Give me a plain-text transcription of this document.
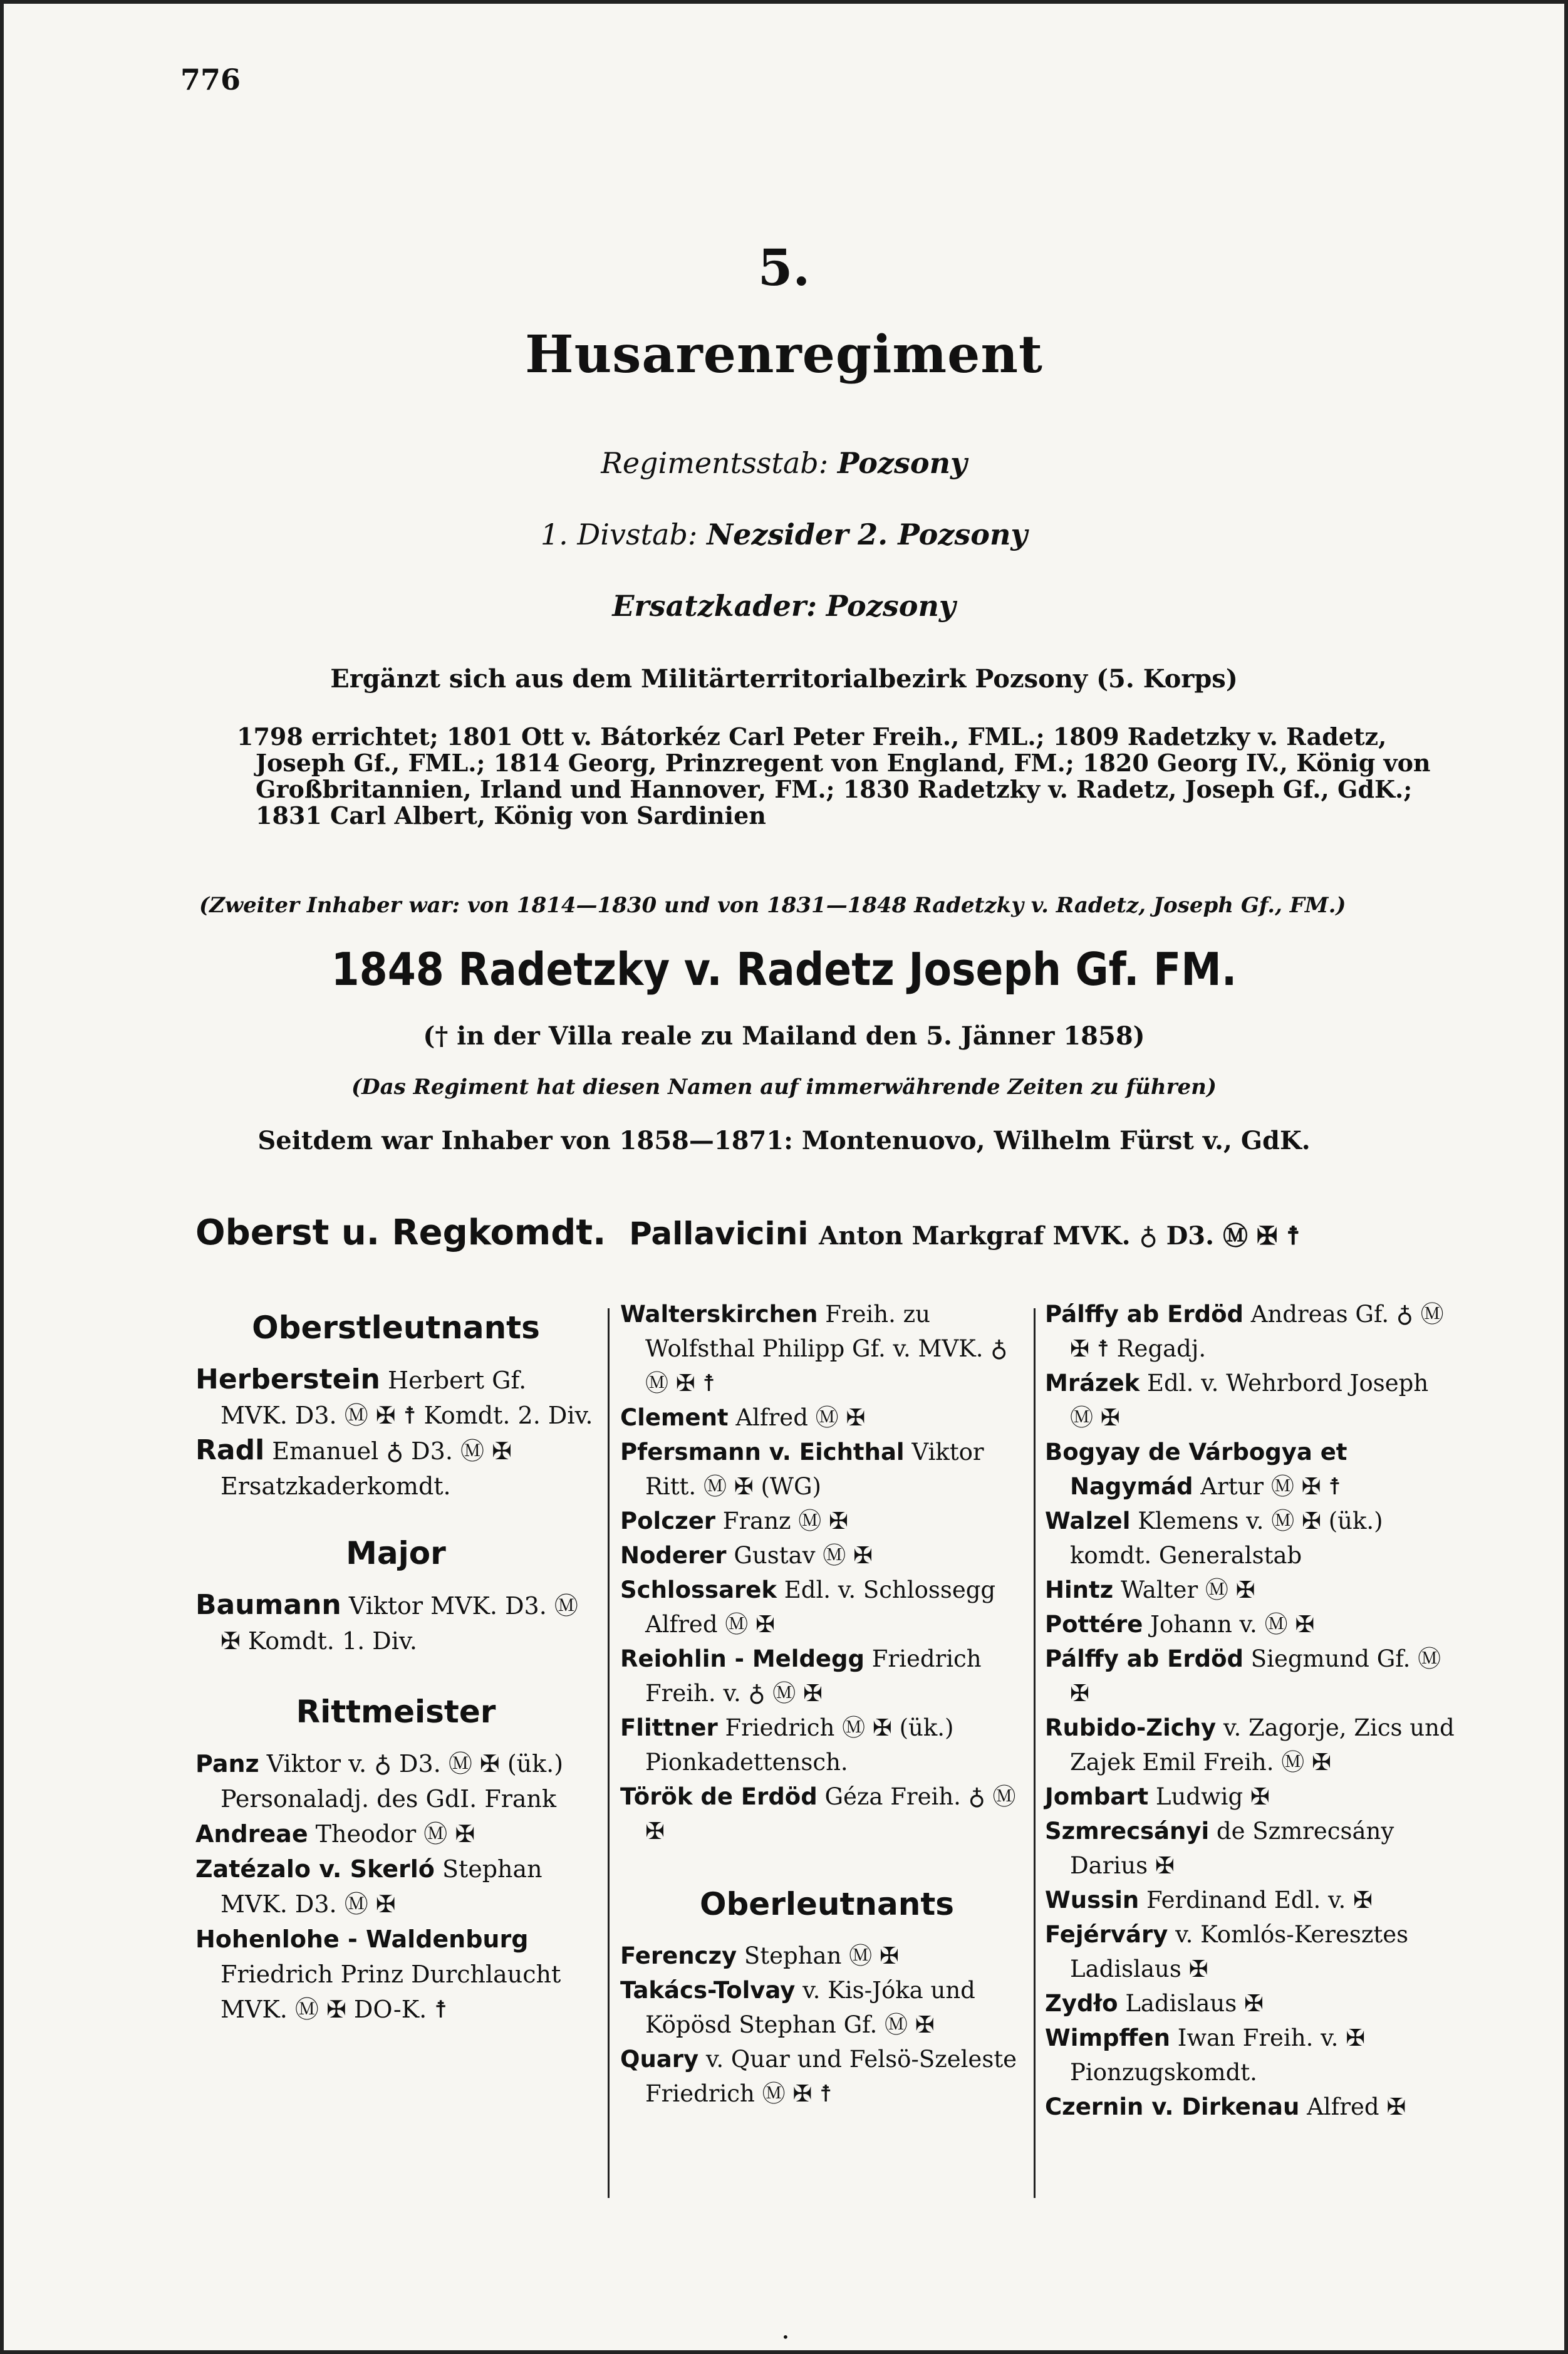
776
5.
Husarenregiment
Regimentsstab: Pozsony
1. Divstab: Nezsider 2. Pozsony
Ersatzkader: Pozsony
Ergänzt sich aus dem Militärterritorialbezirk Pozsony (5. Korps)
1798 errichtet; 1801 Ott v. Bátorkéz Carl Peter Freih., FML.; 1809 Radetzky v. Radetz, Joseph Gf., FML.; 1814 Georg, Prinzregent von England, FM.; 1820 Georg IV., König von Großbritannien, Irland und Hannover, FM.; 1830 Radetzky v. Radetz, Joseph Gf., GdK.; 1831 Carl Albert, König von Sardinien
(Zweiter Inhaber war: von 1814—1830 und von 1831—1848 Radetzky v. Radetz, Joseph Gf., FM.)
1848 Radetzky v. Radetz Joseph Gf. FM.
(† in der Villa reale zu Mailand den 5. Jänner 1858)
(Das Regiment hat diesen Namen auf immerwährende Zeiten zu führen)
Seitdem war Inhaber von 1858—1871: Montenuovo, Wilhelm Fürst v., GdK.
Oberst u. Regkomdt. Pallavicini Anton Markgraf MVK. ♁ D3. Ⓜ ✠ ☨
Oberstleutnants

Herberstein Herbert Gf. MVK. D3. Ⓜ ✠ ☨ Komdt. 2. Div.

Radl Emanuel ♁ D3. Ⓜ ✠ Ersatzkaderkomdt.

Major

Baumann Viktor MVK. D3. Ⓜ ✠ Komdt. 1. Div.

Rittmeister

Panz Viktor v. ♁ D3. Ⓜ ✠ (ük.) Personaladj. des GdI. Frank

Andreae Theodor Ⓜ ✠

Zatézalo v. Skerló Stephan MVK. D3. Ⓜ ✠

Hohenlohe - Waldenburg Friedrich Prinz Durchlaucht MVK. Ⓜ ✠ DO-K. ☨

Walterskirchen Freih. zu Wolfsthal Philipp Gf. v. MVK. ♁ Ⓜ ✠ ☨

Clement Alfred Ⓜ ✠

Pfersmann v. Eichthal Viktor Ritt. Ⓜ ✠ (WG)

Polczer Franz Ⓜ ✠

Noderer Gustav Ⓜ ✠

Schlossarek Edl. v. Schlossegg Alfred Ⓜ ✠

Reiohlin - Meldegg Friedrich Freih. v. ♁ Ⓜ ✠

Flittner Friedrich Ⓜ ✠ (ük.) Pionkadettensch.

Török de Erdöd Géza Freih. ♁ Ⓜ ✠

Oberleutnants

Ferenczy Stephan Ⓜ ✠

Takács-Tolvay v. Kis-Jóka und Köpösd Stephan Gf. Ⓜ ✠

Quary v. Quar und Felsö-Szeleste Friedrich Ⓜ ✠ ☨

Pálffy ab Erdöd Andreas Gf. ♁ Ⓜ ✠ ☨ Regadj.

Mrázek Edl. v. Wehrbord Joseph Ⓜ ✠

Bogyay de Várbogya et Nagymád Artur Ⓜ ✠ ☨

Walzel Klemens v. Ⓜ ✠ (ük.) komdt. Generalstab

Hintz Walter Ⓜ ✠

Pottére Johann v. Ⓜ ✠

Pálffy ab Erdöd Siegmund Gf. Ⓜ ✠

Rubido-Zichy v. Zagorje, Zics und Zajek Emil Freih. Ⓜ ✠

Jombart Ludwig ✠

Szmrecsányi de Szmrecsány Darius ✠

Wussin Ferdinand Edl. v. ✠

Fejérváry v. Komlós-Keresztes Ladislaus ✠

Zydło Ladislaus ✠

Wimpffen Iwan Freih. v. ✠ Pionzugskomdt.

Czernin v. Dirkenau Alfred ✠

•
